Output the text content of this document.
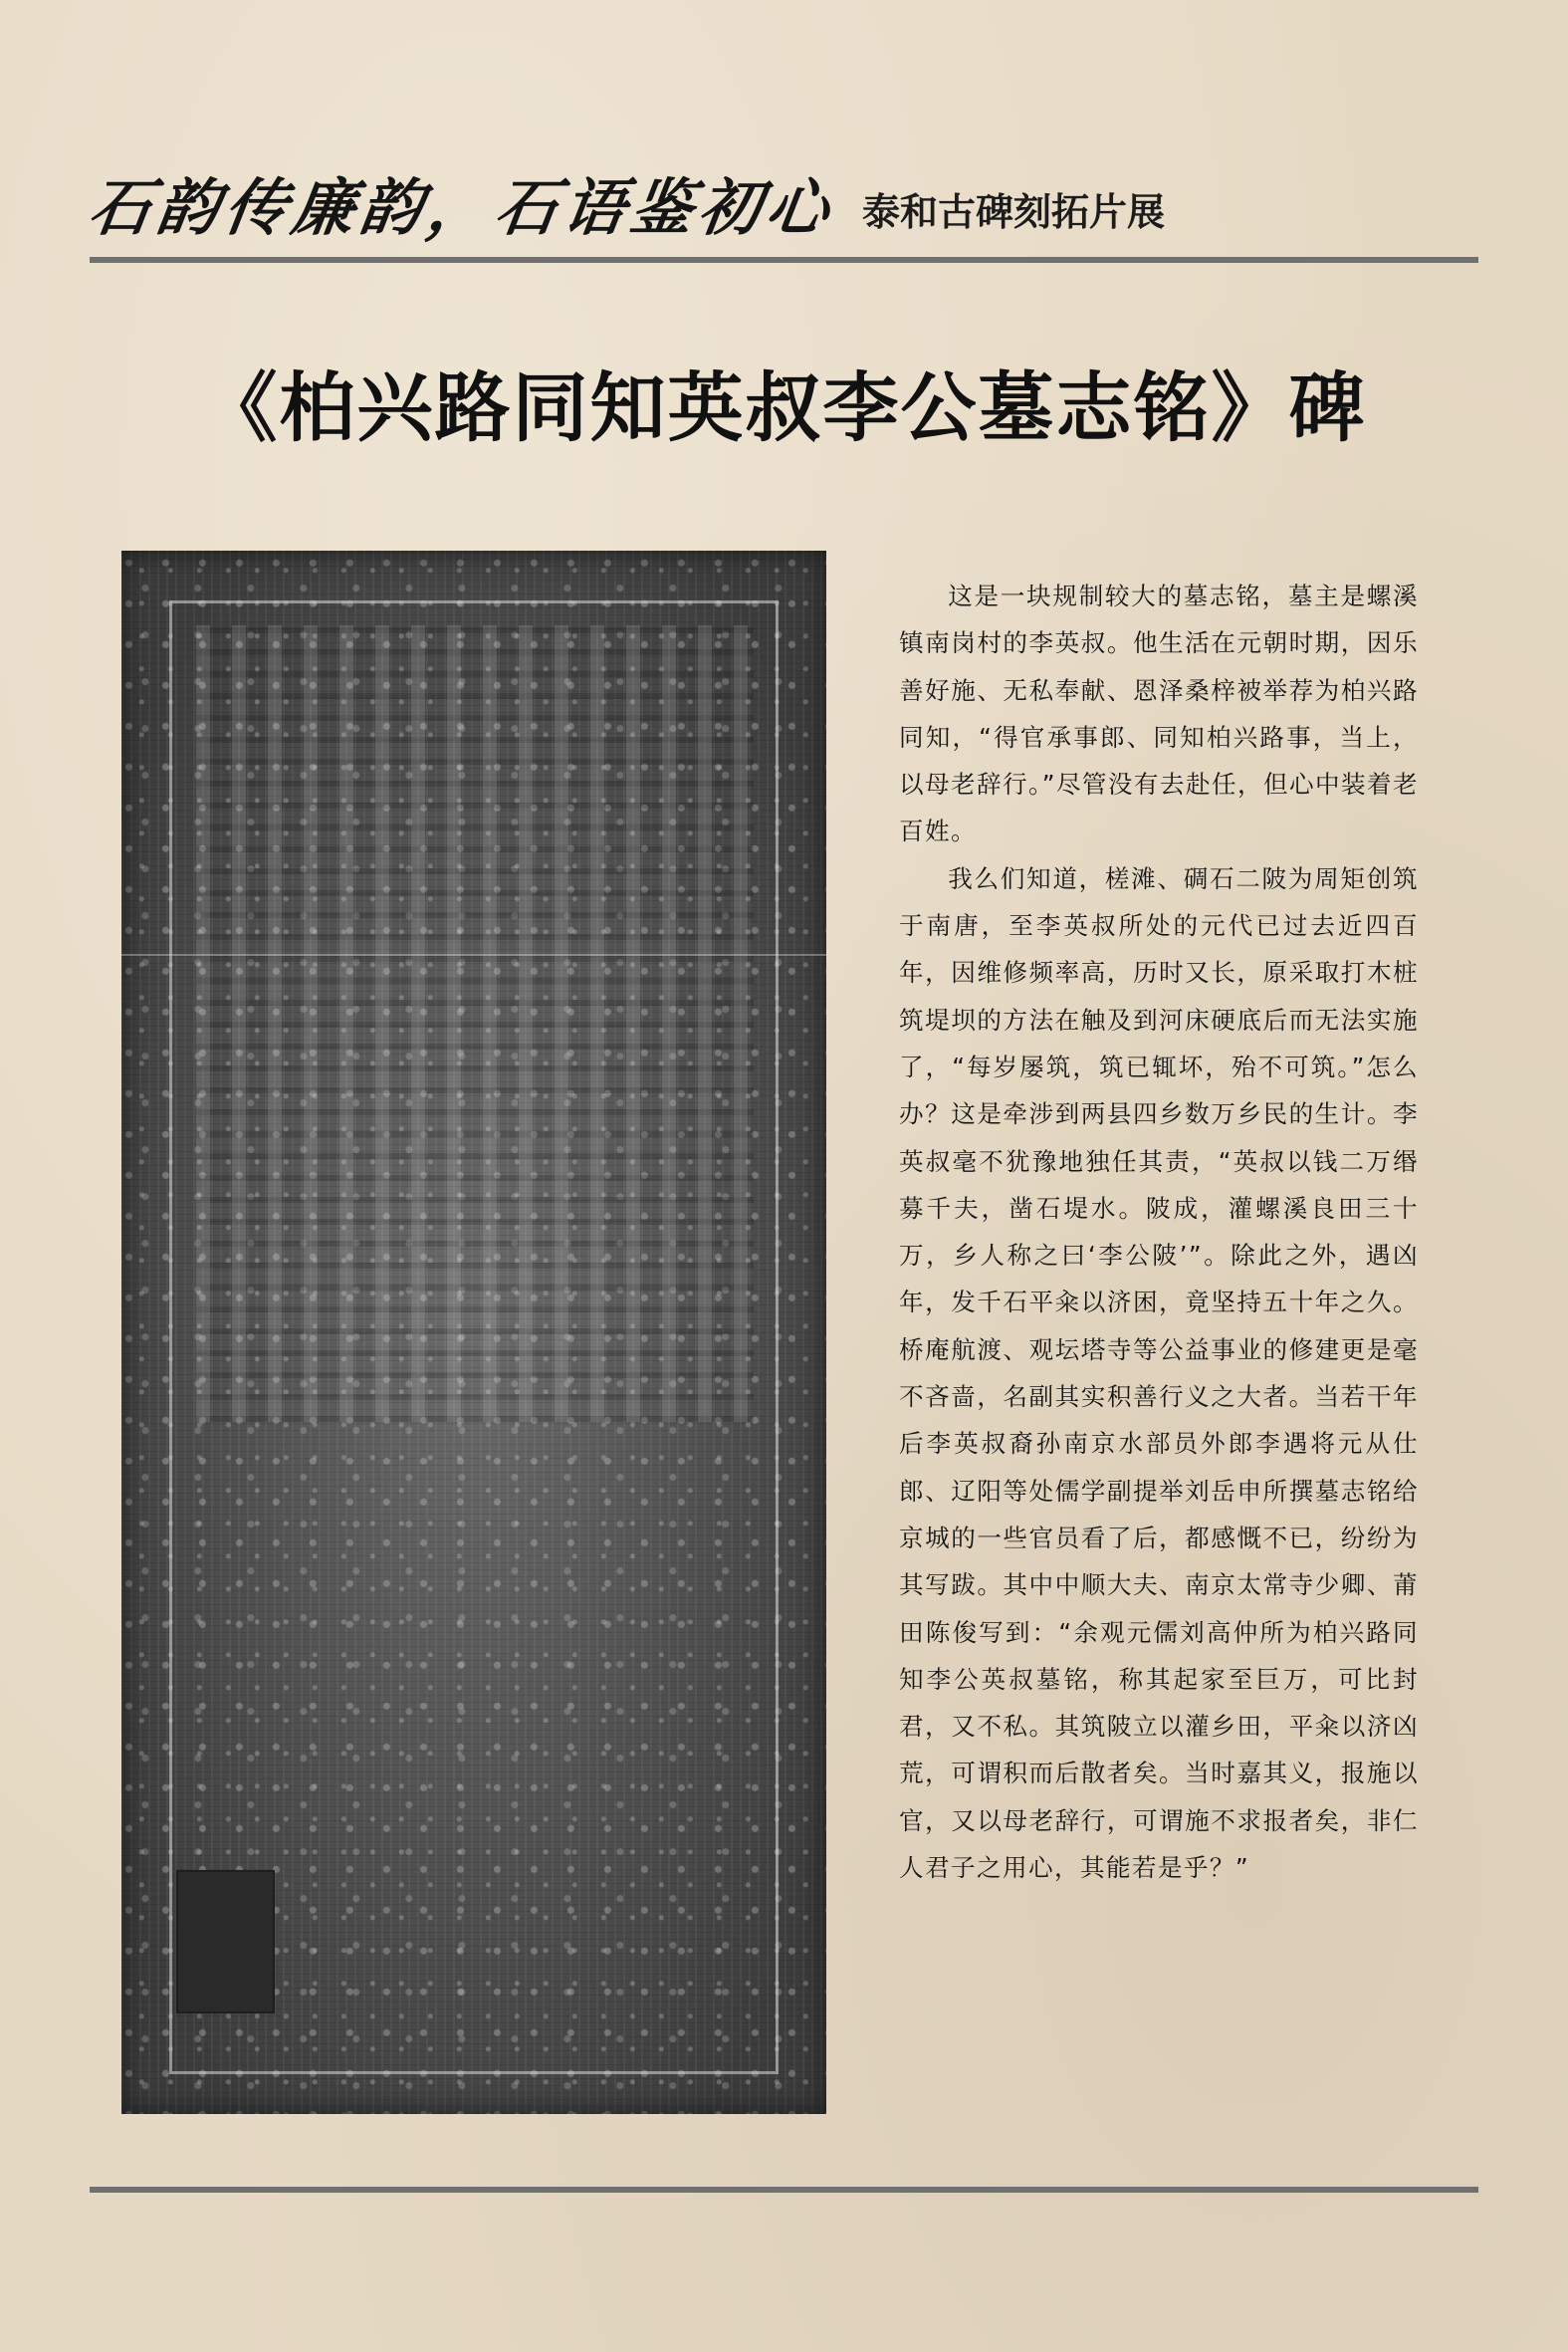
石韵传廉韵，石语鉴初心 泰和古碑刻拓片展
《柏兴路同知英叔李公墓志铭》碑

这是一块规制较大的墓志铭，墓主是螺溪镇南岗村的李英叔。他生活在元朝时期，因乐善好施、无私奉献、恩泽桑梓被举荐为柏兴路同知，“得官承事郎、同知柏兴路事，当上，以母老辞行。”尽管没有去赴任，但心中装着老百姓。

我么们知道，槎滩、碉石二陂为周矩创筑于南唐，至李英叔所处的元代已过去近四百年，因维修频率高，历时又长，原采取打木桩筑堤坝的方法在触及到河床硬底后而无法实施了，“每岁屡筑，筑已辄坏，殆不可筑。”怎么办？这是牵涉到两县四乡数万乡民的生计。李英叔毫不犹豫地独任其责，“英叔以钱二万缗募千夫，凿石堤水。陂成，灌螺溪良田三十万，乡人称之曰‘李公陂’”。除此之外，遇凶年，发千石平籴以济困，竟坚持五十年之久。桥庵航渡、观坛塔寺等公益事业的修建更是毫不吝啬，名副其实积善行义之大者。当若干年后李英叔裔孙南京水部员外郎李遇将元从仕郎、辽阳等处儒学副提举刘岳申所撰墓志铭给京城的一些官员看了后，都感慨不已，纷纷为其写跋。其中中顺大夫、南京太常寺少卿、莆田陈俊写到：“余观元儒刘高仲所为柏兴路同知李公英叔墓铭，称其起家至巨万，可比封君，又不私。其筑陂立以灌乡田，平籴以济凶荒，可谓积而后散者矣。当时嘉其义，报施以官，又以母老辞行，可谓施不求报者矣，非仁人君子之用心，其能若是乎？”
